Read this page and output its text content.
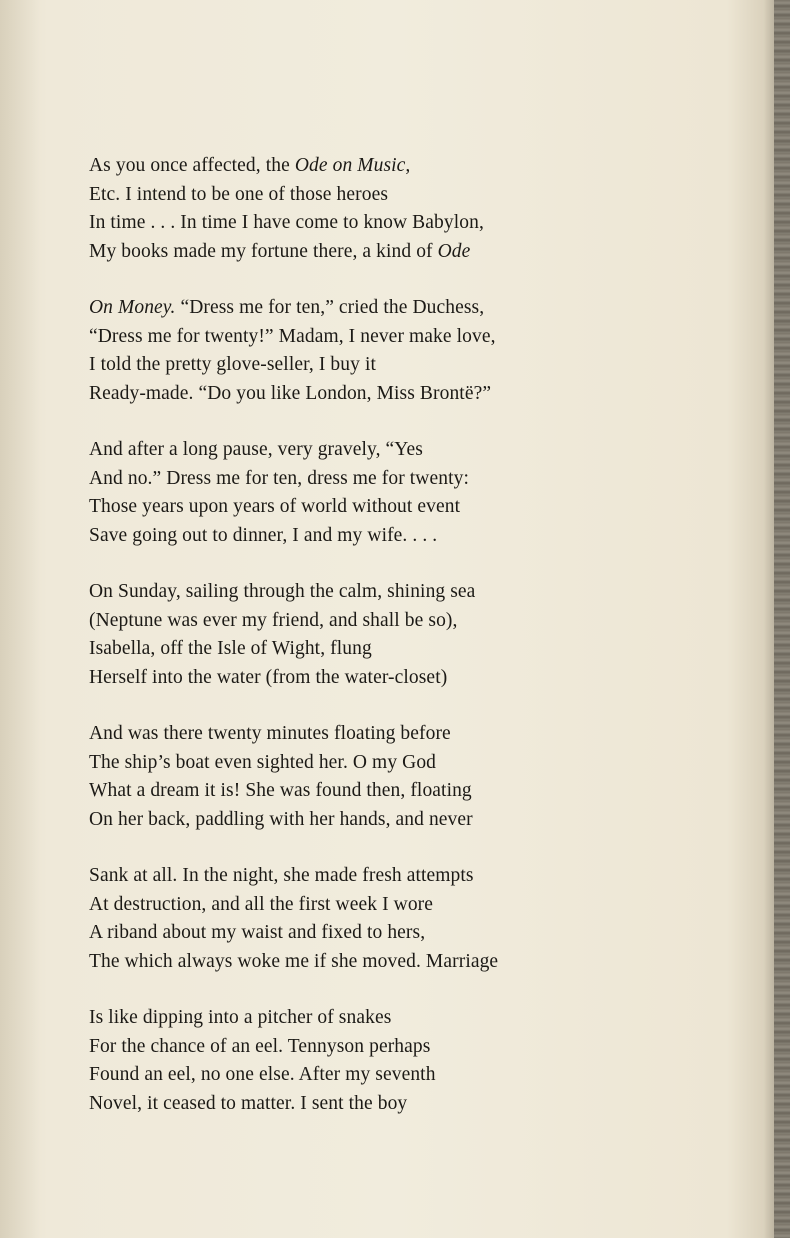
As you once affected, the Ode on Music,
Etc. I intend to be one of those heroes
In time . . . In time I have come to know Babylon,
My books made my fortune there, a kind of Ode
On Money. “Dress me for ten,” cried the Duchess,
“Dress me for twenty!” Madam, I never make love,
I told the pretty glove-seller, I buy it
Ready-made. “Do you like London, Miss Brontë?”
And after a long pause, very gravely, “Yes
And no.” Dress me for ten, dress me for twenty:
Those years upon years of world without event
Save going out to dinner, I and my wife. . . .
On Sunday, sailing through the calm, shining sea
(Neptune was ever my friend, and shall be so),
Isabella, off the Isle of Wight, flung
Herself into the water (from the water-closet)
And was there twenty minutes floating before
The ship’s boat even sighted her. O my God
What a dream it is! She was found then, floating
On her back, paddling with her hands, and never
Sank at all. In the night, she made fresh attempts
At destruction, and all the first week I wore
A riband about my waist and fixed to hers,
The which always woke me if she moved. Marriage
Is like dipping into a pitcher of snakes
For the chance of an eel. Tennyson perhaps
Found an eel, no one else. After my seventh
Novel, it ceased to matter. I sent the boy
